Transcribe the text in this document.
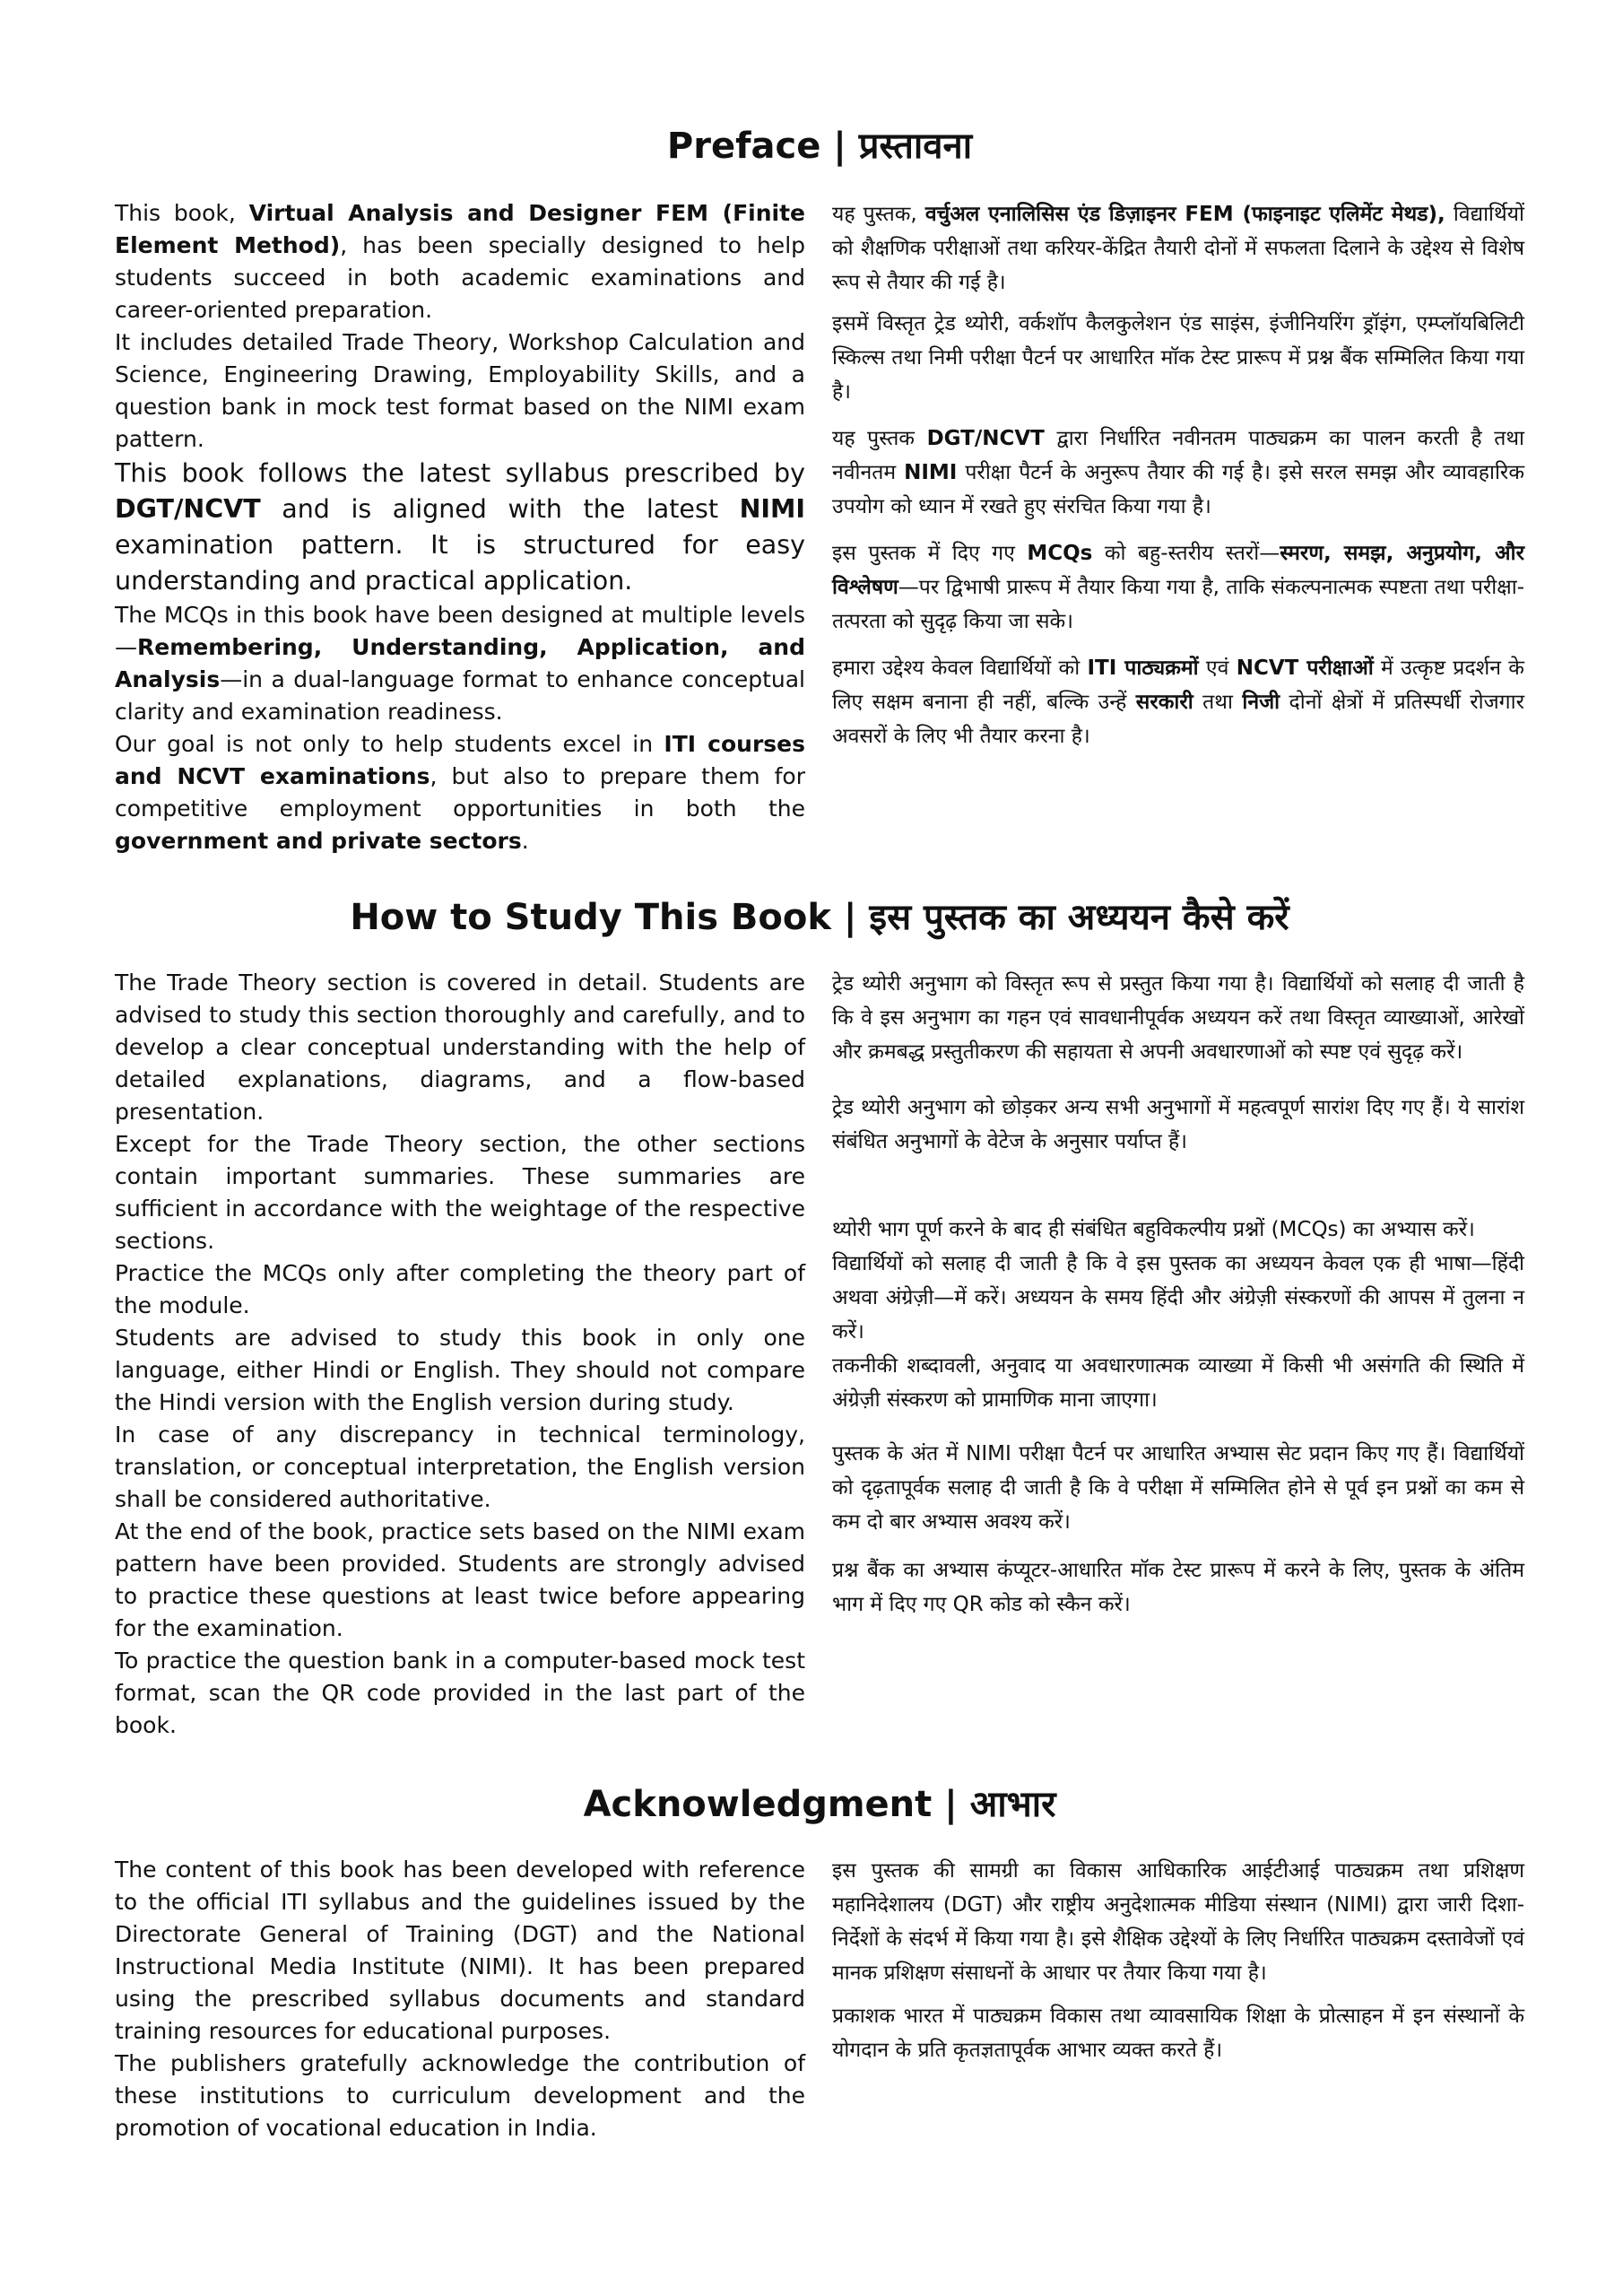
Preface | प्रस्तावना

This book, Virtual Analysis and Designer FEM (Finite Element Method), has been specially designed to help students succeed in both academic examinations and career-oriented preparation.

It includes detailed Trade Theory, Workshop Calculation and Science, Engineering Drawing, Employability Skills, and a question bank in mock test format based on the NIMI exam pattern.

This book follows the latest syllabus prescribed by DGT/NCVT and is aligned with the latest NIMI examination pattern. It is structured for easy understanding and practical application.

The MCQs in this book have been designed at multiple levels—Remembering, Understanding, Application, and Analysis—in a dual-language format to enhance conceptual clarity and examination readiness.

Our goal is not only to help students excel in ITI courses and NCVT examinations, but also to prepare them for competitive employment opportunities in both the government and private sectors.

यह पुस्तक, वर्चुअल एनालिसिस एंड डिज़ाइनर FEM (फाइनाइट एलिमेंट मेथड), विद्यार्थियों को शैक्षणिक परीक्षाओं तथा करियर-केंद्रित तैयारी दोनों में सफलता दिलाने के उद्देश्य से विशेष रूप से तैयार की गई है।

इसमें विस्तृत ट्रेड थ्योरी, वर्कशॉप कैलकुलेशन एंड साइंस, इंजीनियरिंग ड्रॉइंग, एम्प्लॉयबिलिटी स्किल्स तथा निमी परीक्षा पैटर्न पर आधारित मॉक टेस्ट प्रारूप में प्रश्न बैंक सम्मिलित किया गया है।

यह पुस्तक DGT/NCVT द्वारा निर्धारित नवीनतम पाठ्यक्रम का पालन करती है तथा नवीनतम NIMI परीक्षा पैटर्न के अनुरूप तैयार की गई है। इसे सरल समझ और व्यावहारिक उपयोग को ध्यान में रखते हुए संरचित किया गया है।

इस पुस्तक में दिए गए MCQs को बहु-स्तरीय स्तरों—स्मरण, समझ, अनुप्रयोग, और विश्लेषण—पर द्विभाषी प्रारूप में तैयार किया गया है, ताकि संकल्पनात्मक स्पष्टता तथा परीक्षा-तत्परता को सुदृढ़ किया जा सके।

हमारा उद्देश्य केवल विद्यार्थियों को ITI पाठ्यक्रमों एवं NCVT परीक्षाओं में उत्कृष्ट प्रदर्शन के लिए सक्षम बनाना ही नहीं, बल्कि उन्हें सरकारी तथा निजी दोनों क्षेत्रों में प्रतिस्पर्धी रोजगार अवसरों के लिए भी तैयार करना है।

How to Study This Book | इस पुस्तक का अध्ययन कैसे करें

The Trade Theory section is covered in detail. Students are advised to study this section thoroughly and carefully, and to develop a clear conceptual understanding with the help of detailed explanations, diagrams, and a flow-based presentation.

Except for the Trade Theory section, the other sections contain important summaries. These summaries are sufficient in accordance with the weightage of the respective sections.

Practice the MCQs only after completing the theory part of the module.

Students are advised to study this book in only one language, either Hindi or English. They should not compare the Hindi version with the English version during study.

In case of any discrepancy in technical terminology, translation, or conceptual interpretation, the English version shall be considered authoritative.

At the end of the book, practice sets based on the NIMI exam pattern have been provided. Students are strongly advised to practice these questions at least twice before appearing for the examination.

To practice the question bank in a computer-based mock test format, scan the QR code provided in the last part of the book.

ट्रेड थ्योरी अनुभाग को विस्तृत रूप से प्रस्तुत किया गया है। विद्यार्थियों को सलाह दी जाती है कि वे इस अनुभाग का गहन एवं सावधानीपूर्वक अध्ययन करें तथा विस्तृत व्याख्याओं, आरेखों और क्रमबद्ध प्रस्तुतीकरण की सहायता से अपनी अवधारणाओं को स्पष्ट एवं सुदृढ़ करें।

ट्रेड थ्योरी अनुभाग को छोड़कर अन्य सभी अनुभागों में महत्वपूर्ण सारांश दिए गए हैं। ये सारांश संबंधित अनुभागों के वेटेज के अनुसार पर्याप्त हैं।

थ्योरी भाग पूर्ण करने के बाद ही संबंधित बहुविकल्पीय प्रश्नों (MCQs) का अभ्यास करें।

विद्यार्थियों को सलाह दी जाती है कि वे इस पुस्तक का अध्ययन केवल एक ही भाषा—हिंदी अथवा अंग्रेज़ी—में करें। अध्ययन के समय हिंदी और अंग्रेज़ी संस्करणों की आपस में तुलना न करें।

तकनीकी शब्दावली, अनुवाद या अवधारणात्मक व्याख्या में किसी भी असंगति की स्थिति में अंग्रेज़ी संस्करण को प्रामाणिक माना जाएगा।

पुस्तक के अंत में NIMI परीक्षा पैटर्न पर आधारित अभ्यास सेट प्रदान किए गए हैं। विद्यार्थियों को दृढ़तापूर्वक सलाह दी जाती है कि वे परीक्षा में सम्मिलित होने से पूर्व इन प्रश्नों का कम से कम दो बार अभ्यास अवश्य करें।

प्रश्न बैंक का अभ्यास कंप्यूटर-आधारित मॉक टेस्ट प्रारूप में करने के लिए, पुस्तक के अंतिम भाग में दिए गए QR कोड को स्कैन करें।

Acknowledgment | आभार

The content of this book has been developed with reference to the official ITI syllabus and the guidelines issued by the Directorate General of Training (DGT) and the National Instructional Media Institute (NIMI). It has been prepared using the prescribed syllabus documents and standard training resources for educational purposes.

The publishers gratefully acknowledge the contribution of these institutions to curriculum development and the promotion of vocational education in India.

इस पुस्तक की सामग्री का विकास आधिकारिक आईटीआई पाठ्यक्रम तथा प्रशिक्षण महानिदेशालय (DGT) और राष्ट्रीय अनुदेशात्मक मीडिया संस्थान (NIMI) द्वारा जारी दिशा-निर्देशों के संदर्भ में किया गया है। इसे शैक्षिक उद्देश्यों के लिए निर्धारित पाठ्यक्रम दस्तावेजों एवं मानक प्रशिक्षण संसाधनों के आधार पर तैयार किया गया है।

प्रकाशक भारत में पाठ्यक्रम विकास तथा व्यावसायिक शिक्षा के प्रोत्साहन में इन संस्थानों के योगदान के प्रति कृतज्ञतापूर्वक आभार व्यक्त करते हैं।
